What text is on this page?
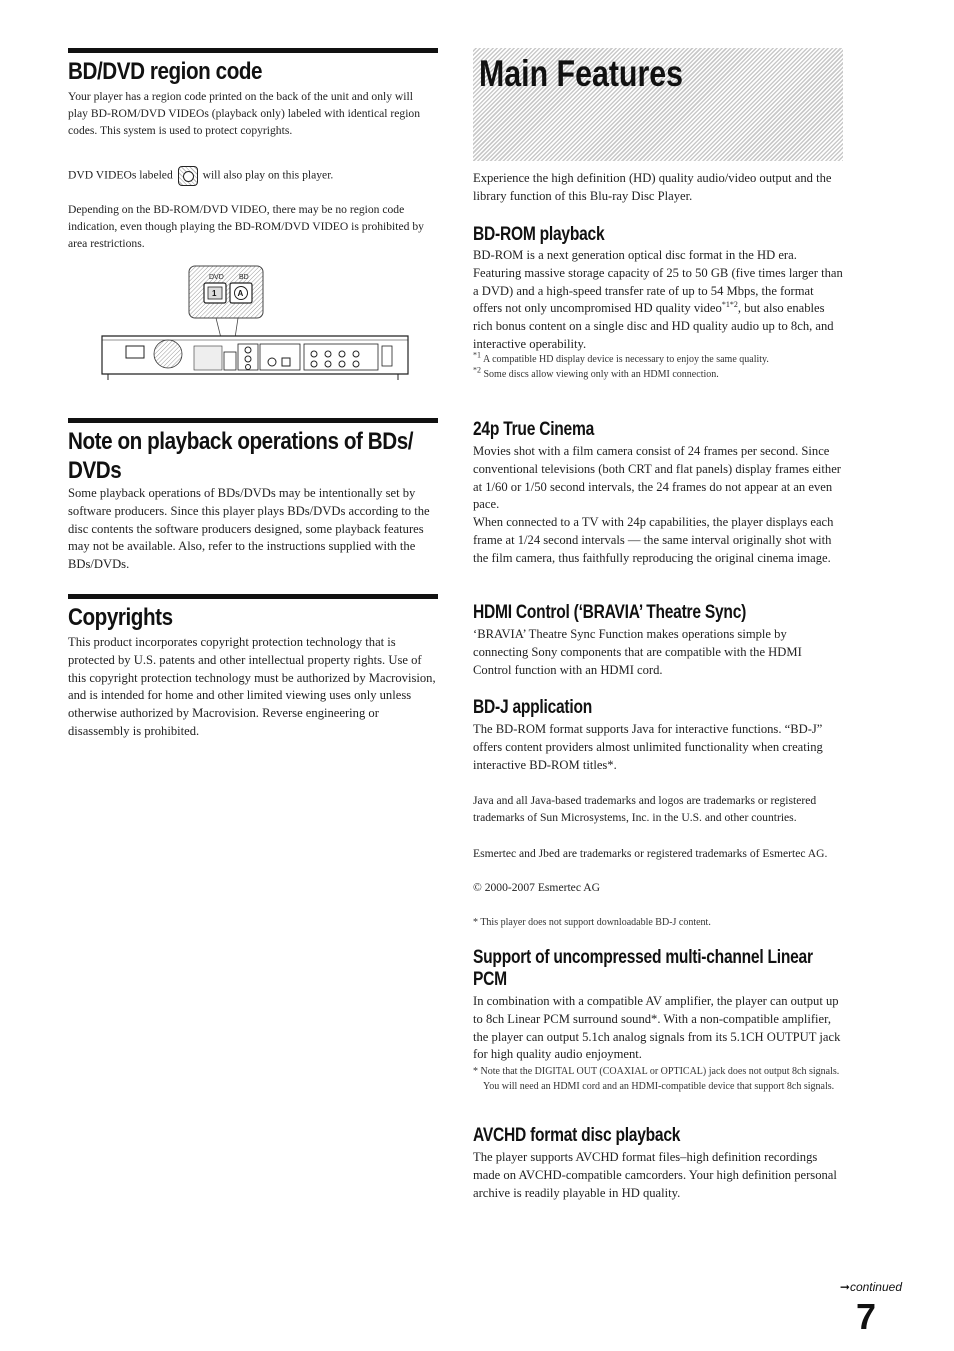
BD/DVD region code

Your player has a region code printed on the back of the unit and only will play BD-ROM/DVD VIDEOs (playback only) labeled with identical region codes. This system is used to protect copyrights.

DVD VIDEOs labeled	will also play on this player.

Depending on the BD-ROM/DVD VIDEO, there may be no region code indication, even though playing the BD-ROM/DVD VIDEO is prohibited by area restrictions.

DVD BD
1	A
Note on playback operations of BDs/ DVDs

Some playback operations of BDs/DVDs may be intentionally set by software producers. Since this player plays BDs/DVDs according to the disc contents the software producers designed, some playback features may not be available. Also, refer to the instructions supplied with the BDs/DVDs.

Copyrights

This product incorporates copyright protection technology that is protected by U.S. patents and other intellectual property rights. Use of this copyright protection technology must be authorized by Macrovision, and is intended for home and other limited viewing uses only unless otherwise authorized by Macrovision. Reverse engineering or disassembly is prohibited.

Main Features

Experience the high definition (HD) quality audio/video output and the library function of this Blu-ray Disc Player.

BD-ROM playback

BD-ROM is a next generation optical disc format in the HD era. Featuring massive storage capacity of 25 to 50 GB (five times larger than a DVD) and a high-speed transfer rate of up to 54 Mbps, the format offers not only uncompromised HD quality video$^{*1*2}$, but also enables rich bonus content on a single disc and HD quality audio up to 8ch, and interactive operability.

$^{*1}$ A compatible HD display device is necessary to enjoy the same quality.

$^{*2}$ Some discs allow viewing only with an HDMI connection.

24p True Cinema

Movies shot with a film camera consist of 24 frames per second. Since conventional televisions (both CRT and flat panels) display frames either at 1/60 or 1/50 second intervals, the 24 frames do not appear at an even pace.

When connected to a TV with 24p capabilities, the player displays each frame at 1/24 second intervals — the same interval originally shot with the film camera, thus faithfully reproducing the original cinema image.

HDMI Control (‘BRAVIA’ Theatre Sync)

‘BRAVIA’ Theatre Sync Function makes operations simple by connecting Sony components that are compatible with the HDMI Control function with an HDMI cord.

BD-J application

The BD-ROM format supports Java for interactive functions. “BD-J” offers content providers almost unlimited functionality when creating interactive BD-ROM titles*.

Java and all Java-based trademarks and logos are trademarks or registered trademarks of Sun Microsystems, Inc. in the U.S. and other countries.

Esmertec and Jbed are trademarks or registered trademarks of Esmertec AG.

© 2000-2007 Esmertec AG

* This player does not support downloadable BD-J content.

Support of uncompressed multi-channel Linear PCM

In combination with a compatible AV amplifier, the player can output up to 8ch Linear PCM surround sound*. With a non-compatible amplifier, the player can output 5.1ch analog signals from its 5.1CH OUTPUT jack for high quality audio enjoyment.

* Note that the DIGITAL OUT (COAXIAL or OPTICAL) jack does not output 8ch signals. You will need an HDMI cord and an HDMI-compatible device that support 8ch signals.

AVCHD format disc playback

The player supports AVCHD format files–high definition recordings made on AVCHD-compatible camcorders. Your high definition personal archive is readily playable in HD quality.

➞continued
7
